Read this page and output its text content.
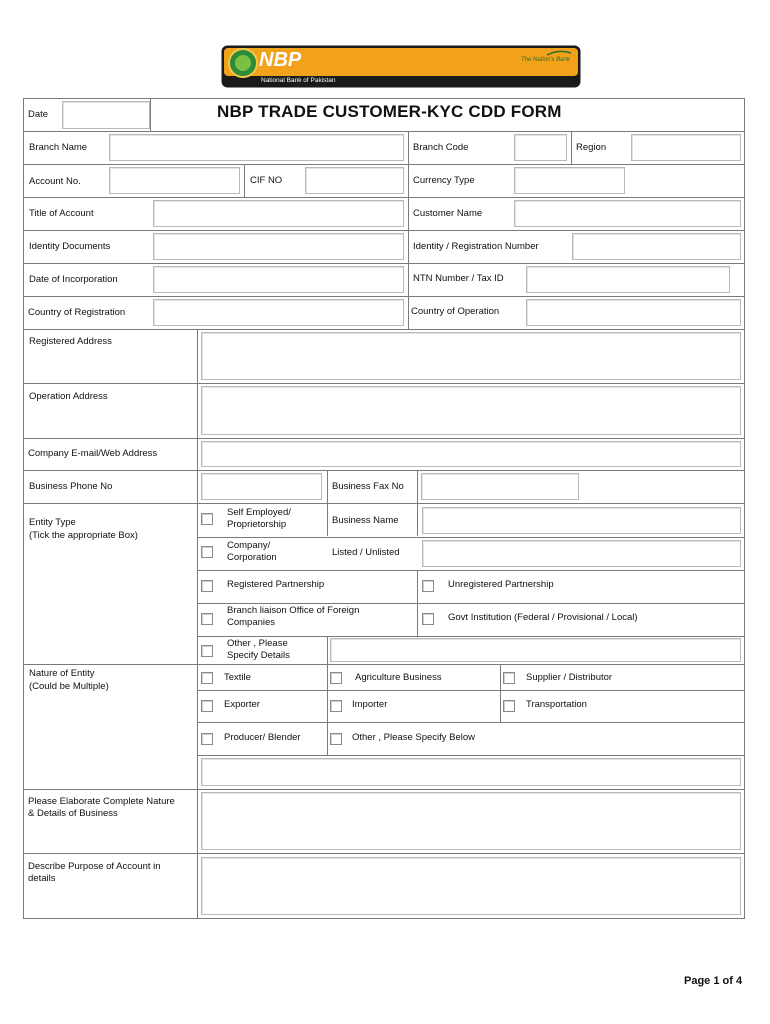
NBP
National Bank of Pakistan
The Nation's Bank
Date	NBP TRADE CUSTOMER-KYC CDD FORM
Branch Name	Branch Code	Region
Account No.	CIF NO	Currency Type
Title of Account	Customer Name
Identity Documents	Identity / Registration Number
Date of Incorporation	NTN Number / Tax ID
Country of Registration	Country of Operation
Registered Address
Operation Address
Company E-mail/Web Address
Business Phone No	Business Fax No
Entity Type
(Tick the appropriate Box)
Self Employed/ Proprietorship	Business Name
Company/ Corporation	Listed / Unlisted
Registered Partnership	Unregistered Partnership
Branch liaison Office of Foreign Companies	Govt Institution (Federal / Provisional / Local)
Other , Please Specify Details
Nature of Entity
(Could be Multiple)
Textile	Agriculture Business	Supplier / Distributor
Exporter	Importer	Transportation
Producer/ Blender	Other , Please Specify Below
Please Elaborate Complete Nature & Details of Business
Describe Purpose of Account in details
Page 1 of 4
